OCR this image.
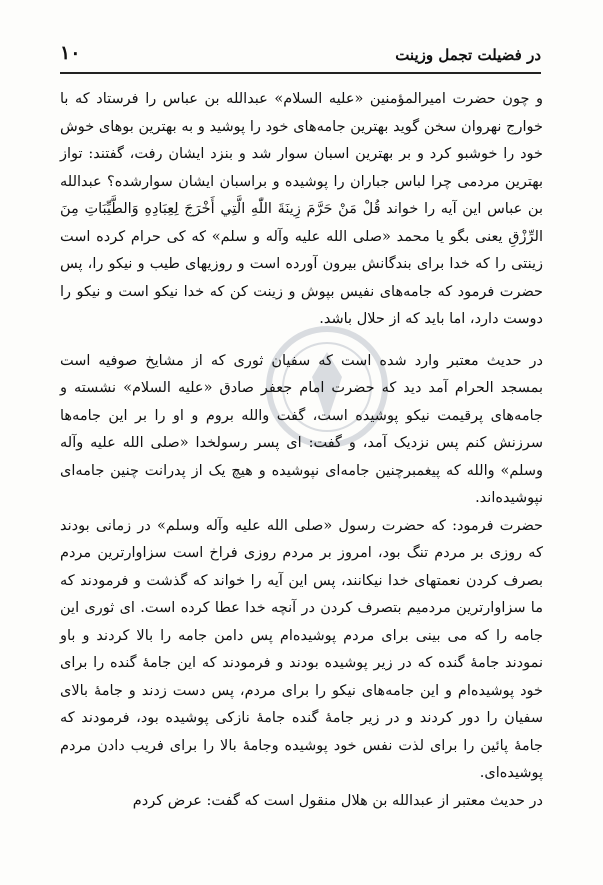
در فضیلت تجمل وزینت
۱۰

و چون حضرت امیرالمؤمنین «علیه السلام» عبدالله بن عباس را فرستاد که با خوارج نهروان سخن گوید بهترین جامه‌های خود را پوشید و به بهترین بوهای خوش خود را خوشبو کرد و بر بهترین اسبان سوار شد و بنزد ایشان رفت، گفتند: تواز بهترین مردمی چرا لباس جباران را پوشیده و براسبان ایشان سوارشده‌؟ عبدالله بن عباس این آیه را خواند قُلْ مَنْ حَرَّمَ زِينَةَ اللّٰهِ الَّتِي أَخْرَجَ لِعِبَادِهِ وَالطَّيِّبَاتِ مِنَ الرِّزْقِ یعنی بگو یا محمد «صلی الله علیه وآله و سلم» که کی حرام کرده است زینتی را که خدا برای بندگانش بیرون آورده است و روزیهای طیب و نیکو را، پس حضرت فرمود که جامه‌های نفیس بپوش و زینت کن که خدا نیکو است و نیکو را دوست دارد، اما باید که از حلال باشد.

در حدیث معتبر وارد شده است که سفیان ثوری که از مشایخ صوفیه است بمسجد الحرام آمد دید که حضرت امام جعفر صادق «علیه السلام» نشسته و جامه‌های پرقیمت نیکو پوشیده است، گفت والله بروم و او را بر این جامه‌ها سرزنش کنم پس نزدیک آمد، و گفت: ای پسر رسولخدا «صلی الله علیه وآله وسلم» والله که پیغمبرچنین جامه‌ای نپوشیده و هیچ یک از پدرانت چنین جامه‌ای نپوشیده‌اند.

حضرت فرمود: که حضرت رسول «صلی الله علیه وآله وسلم» در زمانی بودند که روزی بر مردم تنگ بود، امروز بر مردم روزی فراخ است سزاوارترین مردم بصرف کردن نعمتهای خدا نیکانند، پس این آیه را خواند که گذشت و فرمودند که ما سزاوارترین مردمیم بتصرف کردن در آنچه خدا عطا کرده است. ای ثوری این جامه را که می بینی برای مردم پوشیده‌ام پس دامن جامه را بالا کردند و باو نمودند جامهٔ گنده که در زیر پوشیده بودند و فرمودند که این جامهٔ گنده را برای خود پوشیده‌ام و این جامه‌های نیکو را برای مردم، پس دست زدند و جامهٔ بالای سفیان را دور کردند و در زیر جامهٔ گنده جامهٔ نازکی پوشیده بود، فرمودند که جامهٔ پائین را برای لذت نفس خود پوشیده وجامهٔ بالا را برای فریب دادن مردم پوشیده‌ای.

در حدیث معتبر از عبدالله بن هلال منقول است که گفت: عرض کردم
